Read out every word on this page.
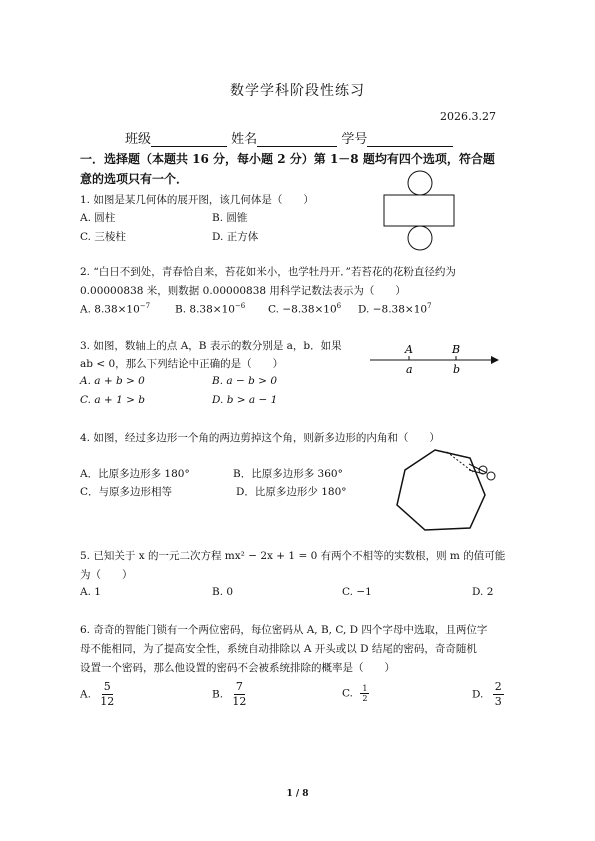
数学学科阶段性练习
2026.3.27
班级	姓名	学号
一．选择题（本题共 16 分，每小题 2 分）第 1－8 题均有四个选项，符合题
意的选项只有一个．
1. 如图是某几何体的展开图，该几何体是（　　）
A. 圆柱	B. 圆锥
C. 三棱柱	D. 正方体
2. “白日不到处，青春恰自来，苔花如米小，也学牡丹开．”若苔花的花粉直径约为
0.00000838 米，则数据 0.00000838 用科学记数法表示为（　　）
A. $8.38\times 10^{-7}$ B. $8.38\times 10^{-6}$ C. $-8.38\times 10^6$ D. $-8.38\times 10^7$
3. 如图，数轴上的点 A，B 表示的数分别是 a，b．如果
ab < 0，那么下列结论中正确的是（　　）
A. a + b > 0	B. a − b > 0
C. a + 1 > b	D. b > a − 1
A	B
a	b
4. 如图，经过多边形一个角的两边剪掉这个角，则新多边形的内角和（　　）
A．比原多边形多 180°	B．比原多边形多 360°
C．与原多边形相等	D．比原多边形少 180°
5. 已知关于 x 的一元二次方程 mx² − 2x + 1 = 0 有两个不相等的实数根，则 m 的值可能
为（　　）
A. 1	B. 0	C. −1	D. 2
6. 奇奇的智能门锁有一个两位密码，每位密码从 A, B, C, D 四个字母中选取，且两位字
母不能相同，为了提高安全性，系统自动排除以 A 开头或以 D 结尾的密码，奇奇随机
设置一个密码，那么他设置的密码不会被系统排除的概率是（　　）
A. $\frac{5}{12}$	B. $\frac{7}{12}$	C. $\frac{1}{2}$	D. $\frac{2}{3}$
1 / 8
